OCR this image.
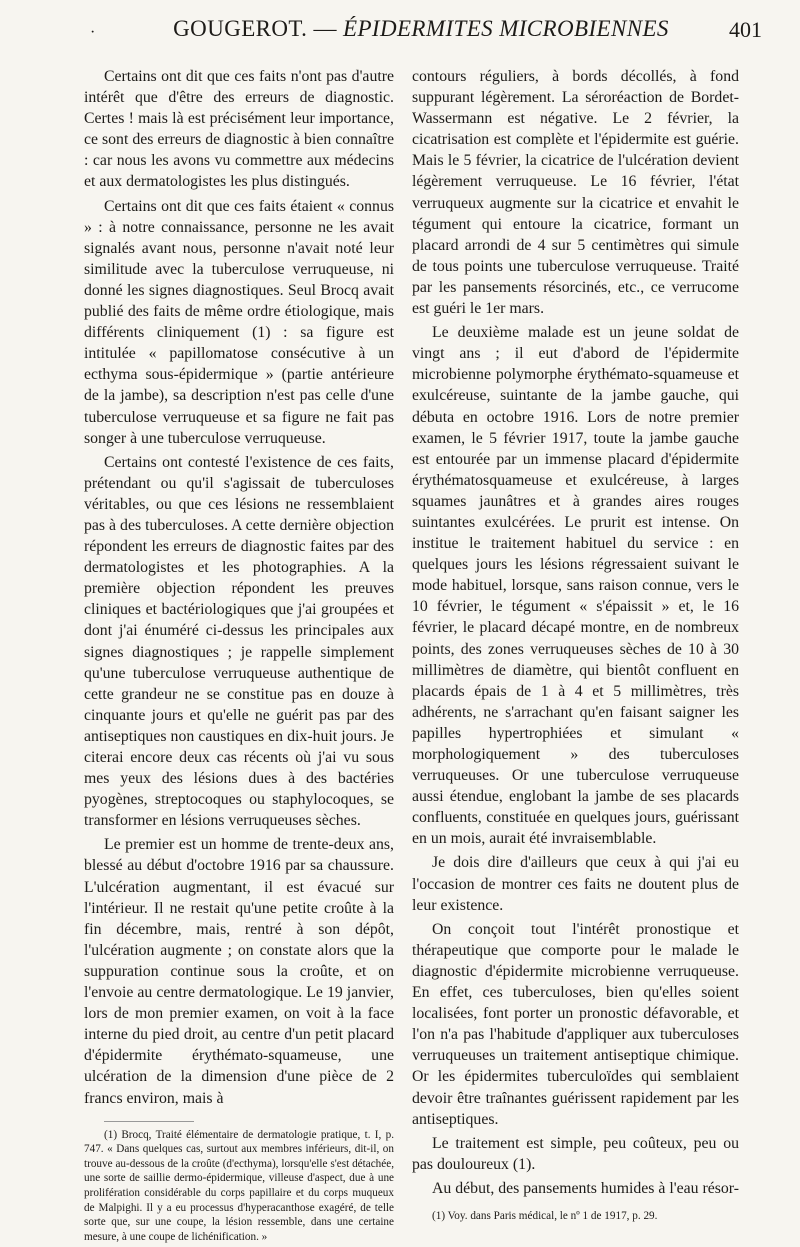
·	GOUGEROT. — ÉPIDERMITES MICROBIENNES	401

Certains ont dit que ces faits n'ont pas d'autre intérêt que d'être des erreurs de diagnostic. Certes ! mais là est précisément leur importance, ce sont des erreurs de diagnostic à bien connaître : car nous les avons vu commettre aux médecins et aux dermatologistes les plus distingués.

Certains ont dit que ces faits étaient « connus » : à notre connaissance, personne ne les avait signalés avant nous, personne n'avait noté leur similitude avec la tuberculose verruqueuse, ni donné les signes diagnostiques. Seul Brocq avait publié des faits de même ordre étiologique, mais différents cliniquement (1) : sa figure est intitulée « papillomatose consécutive à un ecthyma sous-épidermique » (partie antérieure de la jambe), sa description n'est pas celle d'une tuberculose verruqueuse et sa figure ne fait pas songer à une tuberculose verruqueuse.

Certains ont contesté l'existence de ces faits, prétendant ou qu'il s'agissait de tuberculoses véritables, ou que ces lésions ne ressemblaient pas à des tuberculoses. A cette dernière objection répondent les erreurs de diagnostic faites par des dermatologistes et les photographies. A la première objection répondent les preuves cliniques et bactériologiques que j'ai groupées et dont j'ai énuméré ci-dessus les principales aux signes diagnostiques ; je rappelle simplement qu'une tuberculose verruqueuse authentique de cette grandeur ne se constitue pas en douze à cinquante jours et qu'elle ne guérit pas par des antiseptiques non caustiques en dix-huit jours. Je citerai encore deux cas récents où j'ai vu sous mes yeux des lésions dues à des bactéries pyogènes, streptocoques ou staphylocoques, se transformer en lésions verruqueuses sèches.

Le premier est un homme de trente-deux ans, blessé au début d'octobre 1916 par sa chaussure. L'ulcération augmentant, il est évacué sur l'intérieur. Il ne restait qu'une petite croûte à la fin décembre, mais, rentré à son dépôt, l'ulcération augmente ; on constate alors que la suppuration continue sous la croûte, et on l'envoie au centre dermatologique. Le 19 janvier, lors de mon premier examen, on voit à la face interne du pied droit, au centre d'un petit placard d'épidermite érythémato-squameuse, une ulcération de la dimension d'une pièce de 2 francs environ, mais à

(1) Brocq, Traité élémentaire de dermatologie pratique, t. I, p. 747. « Dans quelques cas, surtout aux membres inférieurs, dit-il, on trouve au-dessous de la croûte (d'ecthyma), lorsqu'elle s'est détachée, une sorte de saillie dermo-épidermique, villeuse d'aspect, due à une prolifération considérable du corps papillaire et du corps muqueux de Malpighi. Il y a eu processus d'hyperacanthose exagéré, de telle sorte que, sur une coupe, la lésion ressemble, dans une certaine mesure, à une coupe de lichénification. »

contours réguliers, à bords décollés, à fond suppurant légèrement. La séroréaction de Bordet-Wassermann est négative. Le 2 février, la cicatrisation est complète et l'épidermite est guérie. Mais le 5 février, la cicatrice de l'ulcération devient légèrement verruqueuse. Le 16 février, l'état verruqueux augmente sur la cicatrice et envahit le tégument qui entoure la cicatrice, formant un placard arrondi de 4 sur 5 centimètres qui simule de tous points une tuberculose verruqueuse. Traité par les pansements résorcinés, etc., ce verrucome est guéri le 1er mars.

Le deuxième malade est un jeune soldat de vingt ans ; il eut d'abord de l'épidermite microbienne polymorphe érythémato-squameuse et exulcéreuse, suintante de la jambe gauche, qui débuta en octobre 1916. Lors de notre premier examen, le 5 février 1917, toute la jambe gauche est entourée par un immense placard d'épidermite érythématosquameuse et exulcéreuse, à larges squames jaunâtres et à grandes aires rouges suintantes exulcérées. Le prurit est intense. On institue le traitement habituel du service : en quelques jours les lésions régressaient suivant le mode habituel, lorsque, sans raison connue, vers le 10 février, le tégument « s'épaissit » et, le 16 février, le placard décapé montre, en de nombreux points, des zones verruqueuses sèches de 10 à 30 millimètres de diamètre, qui bientôt confluent en placards épais de 1 à 4 et 5 millimètres, très adhérents, ne s'arrachant qu'en faisant saigner les papilles hypertrophiées et simulant « morphologiquement » des tuberculoses verruqueuses. Or une tuberculose verruqueuse aussi étendue, englobant la jambe de ses placards confluents, constituée en quelques jours, guérissant en un mois, aurait été invraisemblable.

Je dois dire d'ailleurs que ceux à qui j'ai eu l'occasion de montrer ces faits ne doutent plus de leur existence.

On conçoit tout l'intérêt pronostique et thérapeutique que comporte pour le malade le diagnostic d'épidermite microbienne verruqueuse. En effet, ces tuberculoses, bien qu'elles soient localisées, font porter un pronostic défavorable, et l'on n'a pas l'habitude d'appliquer aux tuberculoses verruqueuses un traitement antiseptique chimique. Or les épidermites tuberculoïdes qui semblaient devoir être traînantes guérissent rapidement par les antiseptiques.

Le traitement est simple, peu coûteux, peu ou pas douloureux (1).

Au début, des pansements humides à l'eau résor-

(1) Voy. dans Paris médical, le nº 1 de 1917, p. 29.
